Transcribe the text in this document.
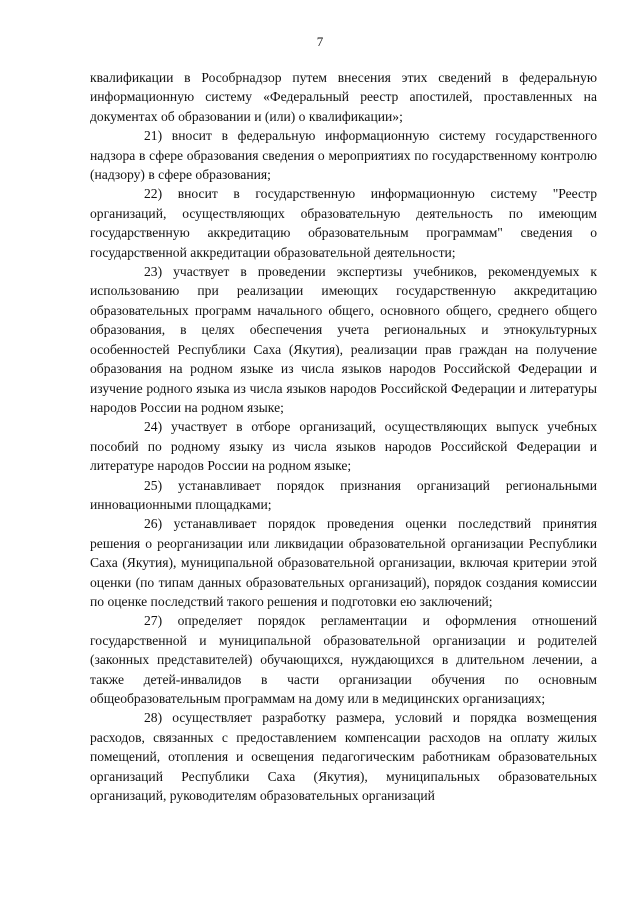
7

квалификации в Рособрнадзор путем внесения этих сведений в федеральную информационную систему «Федеральный реестр апостилей, проставленных на документах об образовании и (или) о квалификации»;

21) вносит в федеральную информационную систему государственного надзора в сфере образования сведения о мероприятиях по государственному контролю (надзору) в сфере образования;

22) вносит в государственную информационную систему "Реестр организаций, осуществляющих образовательную деятельность по имеющим государственную аккредитацию образовательным программам" сведения о государственной аккредитации образовательной деятельности;

23) участвует в проведении экспертизы учебников, рекомендуемых к использованию при реализации имеющих государственную аккредитацию образовательных программ начального общего, основного общего, среднего общего образования, в целях обеспечения учета региональных и этнокультурных особенностей Республики Саха (Якутия), реализации прав граждан на получение образования на родном языке из числа языков народов Российской Федерации и изучение родного языка из числа языков народов Российской Федерации и литературы народов России на родном языке;

24) участвует в отборе организаций, осуществляющих выпуск учебных пособий по родному языку из числа языков народов Российской Федерации и литературе народов России на родном языке;

25) устанавливает порядок признания организаций региональными инновационными площадками;

26) устанавливает порядок проведения оценки последствий принятия решения о реорганизации или ликвидации образовательной организации Республики Саха (Якутия), муниципальной образовательной организации, включая критерии этой оценки (по типам данных образовательных организаций), порядок создания комиссии по оценке последствий такого решения и подготовки ею заключений;

27) определяет порядок регламентации и оформления отношений государственной и муниципальной образовательной организации и родителей (законных представителей) обучающихся, нуждающихся в длительном лечении, а также детей-инвалидов в части организации обучения по основным общеобразовательным программам на дому или в медицинских организациях;

28) осуществляет разработку размера, условий и порядка возмещения расходов, связанных с предоставлением компенсации расходов на оплату жилых помещений, отопления и освещения педагогическим работникам образовательных организаций Республики Саха (Якутия), муниципальных образовательных организаций, руководителям образовательных организаций
